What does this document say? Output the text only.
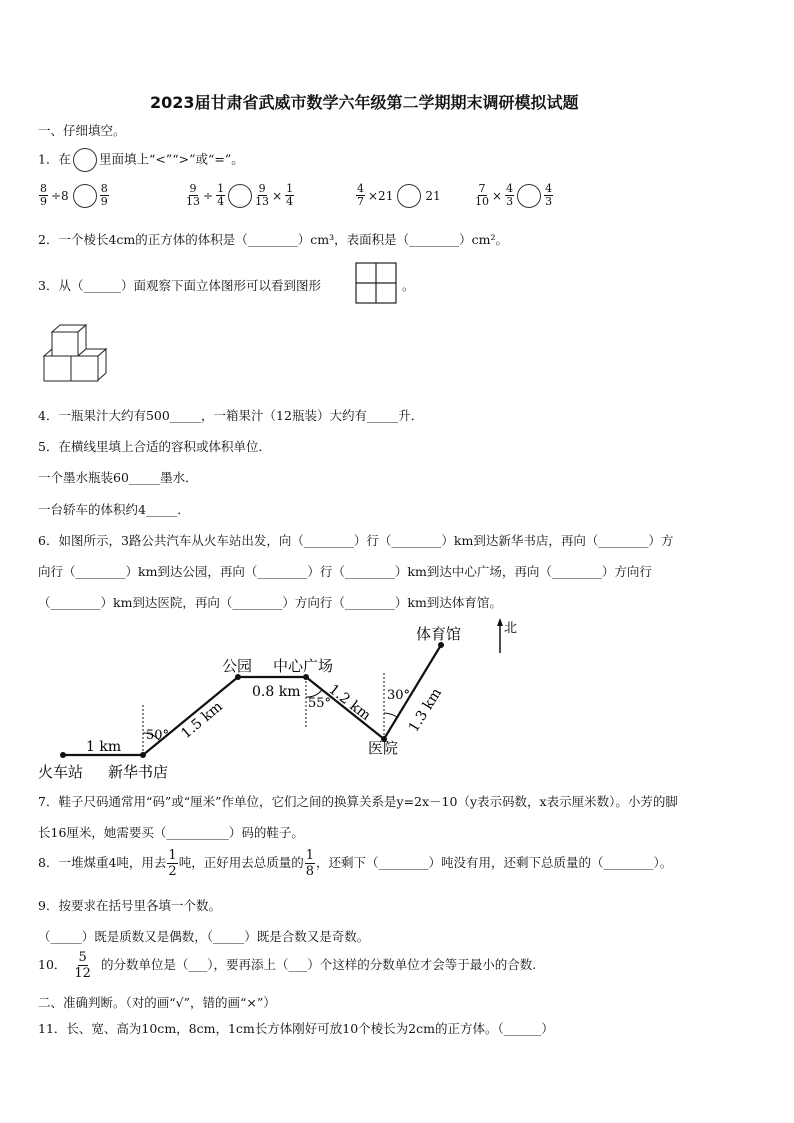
2023届甘肃省武威市数学六年级第二学期期末调研模拟试题
一、仔细填空。
1．在 里面填上“<”“>”或“=”。
$\frac{8}{9} \div 8$	$\frac{8}{9}$	$\frac{9}{13} \div \frac{1}{4}$	$\frac{9}{13} \times \frac{1}{4}$	$\frac{4}{7} \times 21$	21	$\frac{7}{10} \times \frac{4}{3}$	$\frac{4}{3}$
2．一个棱长4cm的正方体的体积是（________）cm³，表面积是（________）cm²。
3．从（______）面观察下面立体图形可以看到图形	。
4．一瓶果汁大约有500_____，一箱果汁（12瓶装）大约有_____升．
5．在横线里填上合适的容积或体积单位．
一个墨水瓶装60_____墨水．
一台轿车的体积约4_____．
6．如图所示，3路公共汽车从火车站出发，向（________）行（________）km到达新华书店，再向（________）方
向行（________）km到达公园，再向（________）行（________）km到达中心广场，再向（________）方向行
（________）km到达医院，再向（________）方向行（________）km到达体育馆。
北
火车站 新华书店
公园 中心广场
医院
体育馆
1 km
1.5 km
0.8 km 1.2 km 1.3 km
50°
55°
30°
7．鞋子尺码通常用“码”或“厘米”作单位，它们之间的换算关系是y=2x－10（y表示码数，x表示厘米数）。小芳的脚
长16厘米，她需要买（__________）码的鞋子。
8．一堆煤重4吨，用去 $\frac{1}{2}$ 吨，正好用去总质量的 $\frac{1}{8}$ ，还剩下（________）吨没有用，还剩下总质量的（________）。
9．按要求在括号里各填一个数。
（_____）既是质数又是偶数，（_____）既是合数又是奇数。
10． $\frac{5}{12}$ 的分数单位是（___），要再添上（___）个这样的分数单位才会等于最小的合数.
二、准确判断。（对的画“√”，错的画“×”）
11．长、宽、高为10cm，8cm，1cm长方体刚好可放10个棱长为2cm的正方体。（______）
